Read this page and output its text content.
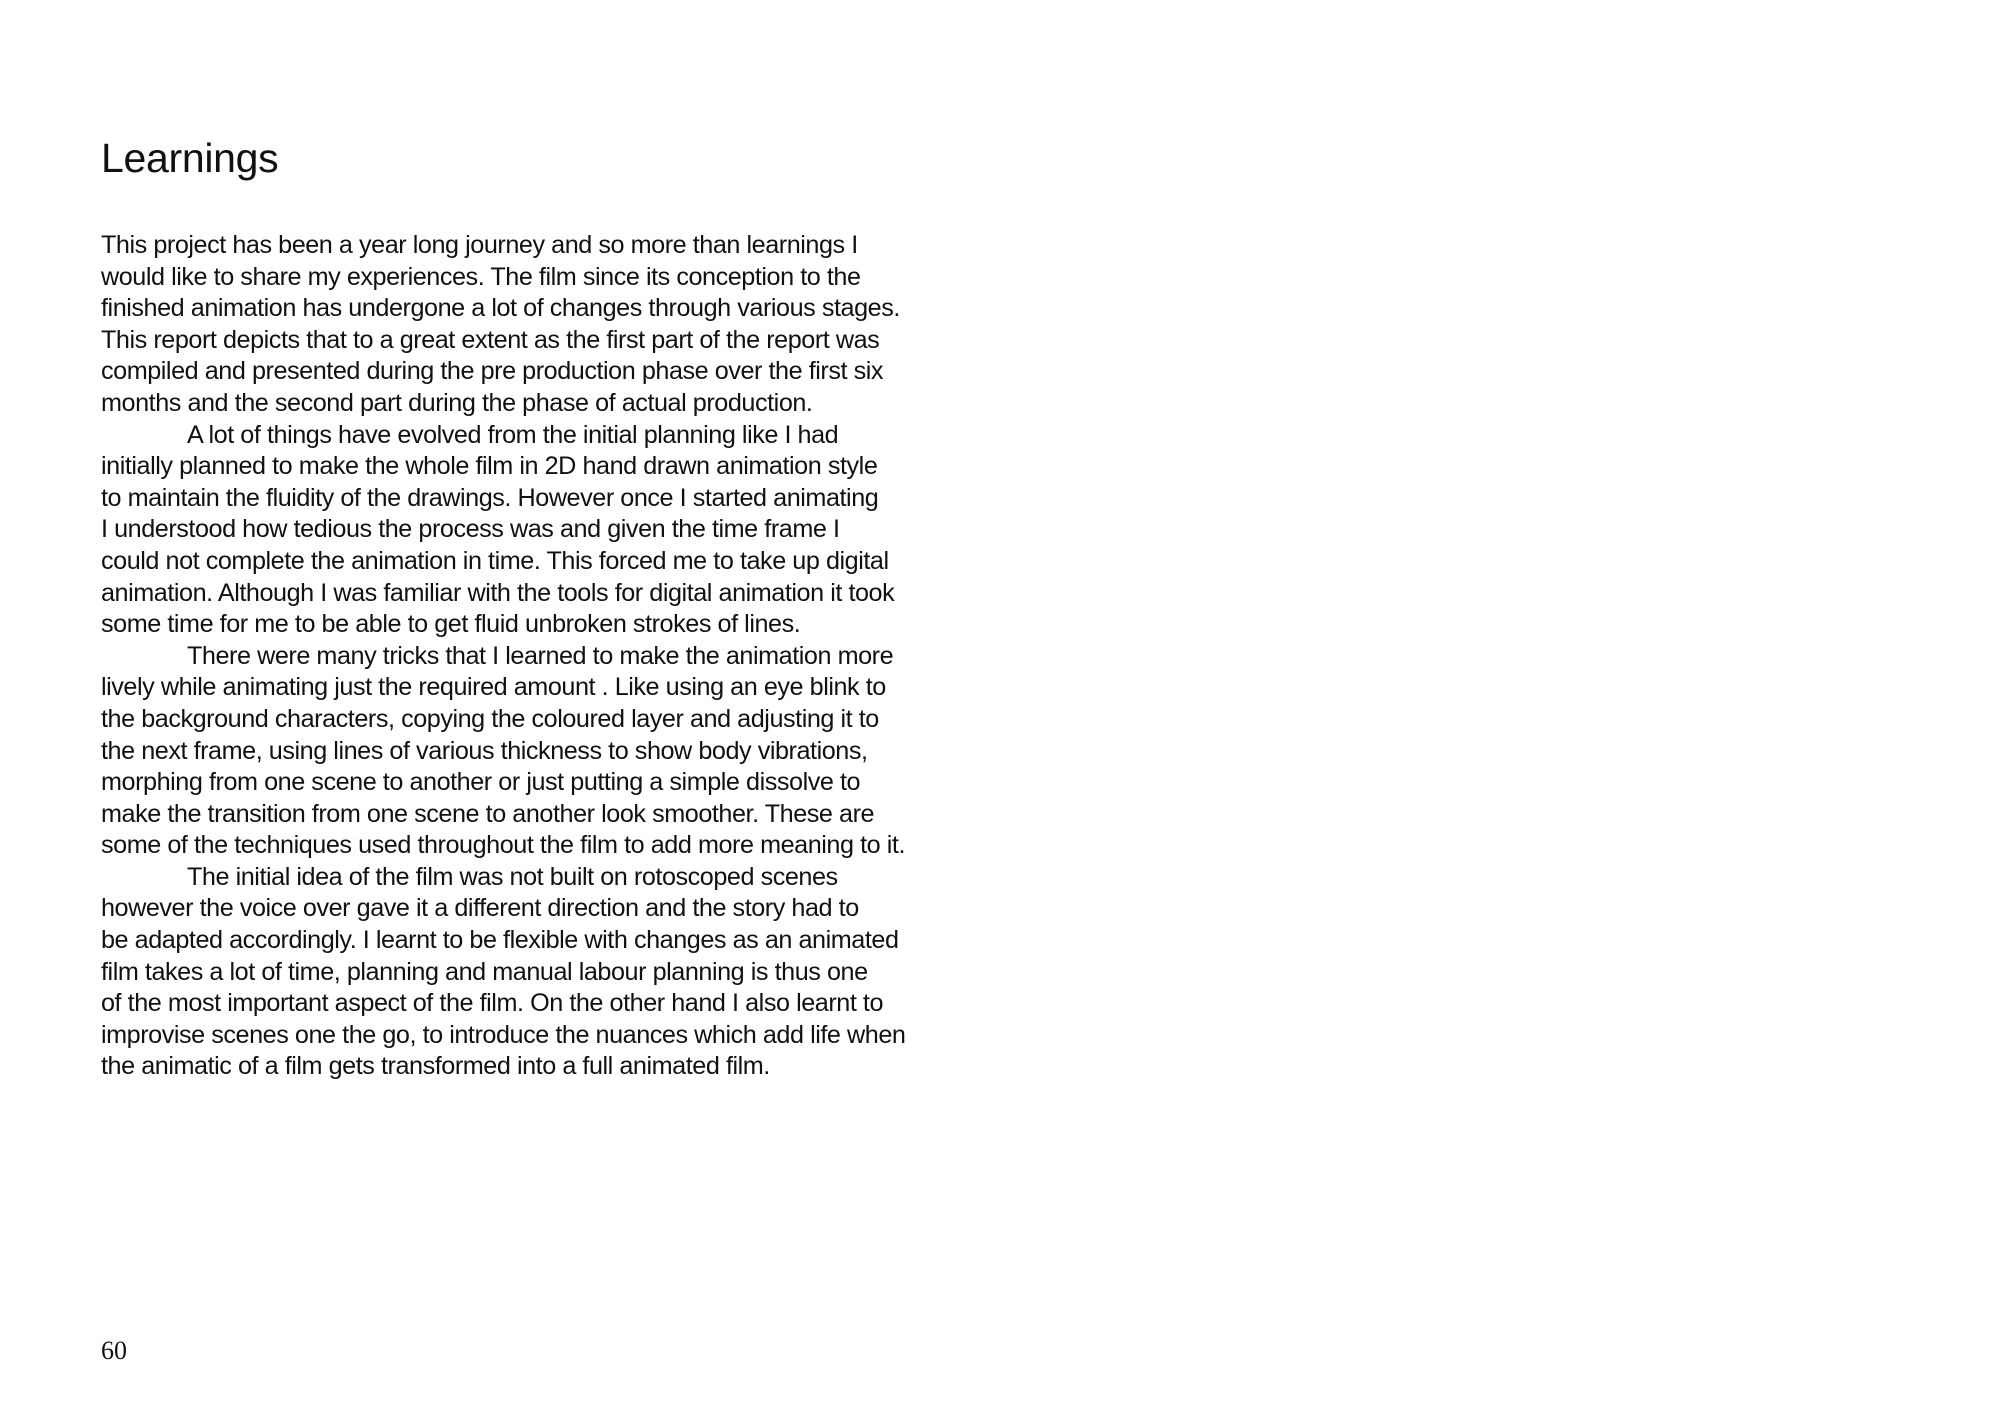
Learnings
This project has been a year long journey and so more than learnings I
would like to share my experiences. The film since its conception to the
finished animation has undergone a lot of changes through various stages.
This report depicts that to a great extent as the first part of the report was
compiled and presented during the pre production phase over the first six
months and the second part during the phase of actual production.
A lot of things have evolved from the initial planning like I had
initially planned to make the whole film in 2D hand drawn animation style
to maintain the fluidity of the drawings. However once I started animating
I understood how tedious the process was and given the time frame I
could not complete the animation in time. This forced me to take up digital
animation. Although I was familiar with the tools for digital animation it took
some time for me to be able to get fluid unbroken strokes of lines.
There were many tricks that I learned to make the animation more
lively while animating just the required amount . Like using an eye blink to
the background characters, copying the coloured layer and adjusting it to
the next frame, using lines of various thickness to show body vibrations,
morphing from one scene to another or just putting a simple dissolve to
make the transition from one scene to another look smoother. These are
some of the techniques used throughout the film to add more meaning to it.
The initial idea of the film was not built on rotoscoped scenes
however the voice over gave it a different direction and the story had to
be adapted accordingly. I learnt to be flexible with changes as an animated
film takes a lot of time, planning and manual labour planning is thus one
of the most important aspect of the film. On the other hand I also learnt to
improvise scenes one the go, to introduce the nuances which add life when
the animatic of a film gets transformed into a full animated film.
60
